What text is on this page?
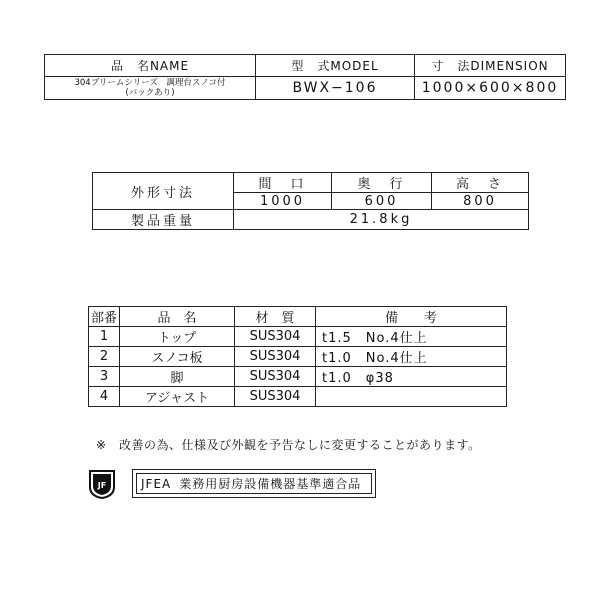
品　名NAME	型　式MODEL	寸　法DIMENSION

304ブリームシリーズ　調理台スノコ付
(バックあり)	BWX−106	1000×600×800
外形寸法	間　口	奥　行	高　さ
	1000	600	800
製品重量	21.8kg		
部番	品　名	材　質	備　　考
1	トップ	SUS304	t1.5　No.4仕上
2	スノコ板	SUS304	t1.0　No.4仕上
3	脚	SUS304	t1.0　φ38
4	アジャスト	SUS304	
※　改善の為、仕様及び外観を予告なしに変更することがあります。
JF	JFEA 業務用厨房設備機器基準適合品
